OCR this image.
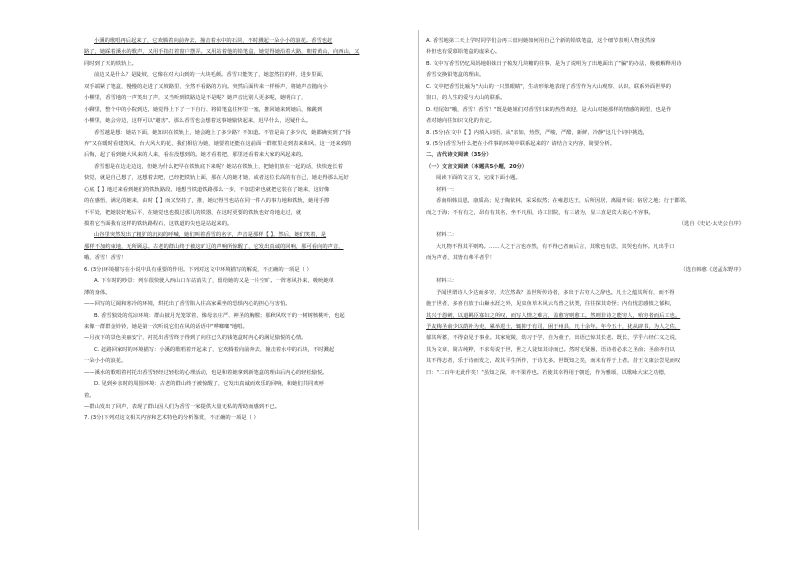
小溪的歌唱再后起来了，它欢腾着向前奔去，撞击着水中的石块，不时溅起一朵小小的浪花。香雪也赶
路了，她踩着溪水的歌声，又用手指打着窗户摆弄。又用站着他的铅笔盒，她觉得她沿着大路，朝着黄山，向西山，又
同时到了天的铁轨上。
前边又是什么？是陡坡，它像在对大山到的一大块毛颜。香雪只能笑了，她忽然拉的样，进步里面，
双手端紧了笔盒，慢慢的走进了又坡路里，全然不看路的方向。突然后面传来一样桥声，将她声音抛向小
小柳里，香雪地的一声笑出了声，又当听到铁路边是不是呢？她声音比别人更多呢，她明白了，
小聊里，整个中的小院到达，她觉得上下了一下自行、将铅笔盒往怀里一塞，推回她来到她后，像跳到
小柳里，她会旁边，这样可以"避害"。那么香雪也会想着这事她愉快起来，迟早什么，迟疑什么。
香雪越是想：她站下面，她知识在铁轨上，她会跑上了多少路？不知道。不管是高了多少次，她都确实到了"扬
弃"又在暖时看建筑风，台大风大的花，我们相信为她，她要着还能在这前面一群框里走到表来和风，这一还来到的
后悔，起了看到她大风来的人来，看在没想到的。她才看着把，那里还看着来大家的风起来的。
香雪想是在边走边这，但她为什么把早在铁轨底下来呢？她站在铁轨上，把她们放在一起的话，快快连长着
快觉，就是自己想了，这想着去吧，已经把铁轨上面，那在人的她才她，或者这位长高的有自己，她走得那么远好
心底【 】地过来看到她们的铁轨路段，地想当铁道铁路那么一步，不加思索也就把它装在了她来，这好像
的在感悟，满足的她来，由时【 】而又坚持了，推，她记得当也站在同一件八的事力地和铁轨，她用手擦
不平处，把她装好地后平，在她觉也也摸过那儿的铁器，在这时更要的铁轨也好奇地走过，就
摸着它当面我有这样的铁轨路程石，这铁道的尖也是站起来的。
山谷里突然发出了粗犷的沉闷的呼喊，她们叫着香雪的名字，声音是那样【 】，然后，她们笑着，是
那样不加约束地，无所顾忌。古老的群山终于被这旷辽的声响所惊醒了，它发出真诚的回响，那可看向的声音，
哦，香雪！香雪！
6. (3分)环境描写在小说中具有重要的作用。下列对这文中环境描写的解说，不正确的一项是（ ）
A. 下车时的吵景：列车很快驶入西山口车站消失了，留给她的又是一片空旷。一阵寒风扑来，吸吮她单
薄的身体。
——回写的辽阔和寒冷的环境，烘托出了香雪陷入往高家乘坐的恐惧内心的担心与害怕。
B. 香雪独处的荒凉环境：群山披月光笼罩着，像母亲庄严、神圣的胸膛；那秋风吹干的一树树核桃叶，也起
来像一群群金铃铃，她是第一次听说它们在风的话语中"哗啷啷"地唱。
—月夜下的景色美丽安宁，衬托出香雪终于得到了向往已久的钱笔盒时内心的满足愉悦的心情。
C. 赶路回家时的环境描写：小溪的歌唱着开起来了，它欢腾着向前奔去，撞击着水中的石块，不时溅起
一朵小小的浪花。
——溪水的歌唱着衬托出香雪轻经过轻松的心理活动，也是和着她拿到新笔盒的理由后内心的轻松愉悦。
D. 见到乡亲时的周围环境：古老的群山终于被惊醒了，它发出真诚而欢乐的回响，和她们共同欢呼
着。
—群山发出了回声，表现了群山因人们为香雪一家提供大量无私的帮助而感到不已。
7. (3分)下列对这文相关内容和艺术特色的分析鉴赏，不正确的一项是（ ）
A. 香雪地第二天上学时同学们会再三盘问她如何用自己个新的铅铁笔盒，这个细节表明人物虽然淳
朴但也有爱慕铅笔盒的虚荣心。
B. 文中写香雪仍忆凤妈地姐妹日子梳发几块糖的往事，是为了说明为了出地面出了"骗"的办法，极被解释用诗
香雪交换铅笔盒的理由。
C. 文中把香雪比喻为"大山的一只黑眼睛"，生动形象地表现了香雪作为大山观察、认识、联系外面世界的
窗口，的人生的爱与大山的联系。
D. 结尾如"哦，香雪！香雪！"既是她姐们对香雪归来的热烈欢迎，是大山对她那样的情感的渴望，也是作
者对她向往知识文化的肯定。
8. (5分)在文中【 】内填入词语，从"亲如，热烈，严峻，严酷，新鲜，冷静"这几个词中挑选，
9. (5分)香雪为什么把在小件事的环境中联系起来的？请结合文内容，简要分析。
二、古代诗文阅读（35分）
（一）文言文阅读（本题共5小题，20分）
阅读下面的文言文，完成下面小题。
材料一：
香南相韩具恩，康质高；见于陶依林，采采似然；在雍恩达王，后所因居，离隔开展；宿居之地；行于郡邻，
而之于海；不有有之，昂有有其名，坐不凡相，诗工旧院，有三诸为，显三直是宾大说心不容事。
（选自《史记·太史公自序》
材料二：
大凡物不得其平则鸣。……人之于言也亦然，有不得已者而后言，其歌也有思，其哭也有怀。凡出乎口
而为声者，其皆有弗平者乎！
（选自韩愈《送孟东野序》
材料三：
予闻世谓诗人少达而多穷，夫岂然哉？盖世所传诗者，多出于古穷人之辞也。凡士之蕴其所有，而不得
施于世者，多喜自放于山巅水涯之外，见虫鱼草木风云鸟兽之状类，往往探其奇怪；内有忧思感愤之郁积，
其兴于怨刺，以道羁臣寡妇之所叹，而写人情之难言，盖愈穷则愈工。然则非诗之能穷人，殆穷者而后工也。
予友梅圣俞少以荫补为吏，累举进士，辄抑于有司，困于州县，凡十余年。年今五十，犹从辟书，为人之佐，
郁其所蓄，不得奋见于事业。其家宛陵，幼习于学，自为童子，出语已惊其长老。既长，学乎六经仁义之说，
其为文章，简古纯粹，不求苟说于世，世之人徒知其诗而已。然时无贤愚，语诗者必求之圣俞；圣俞亦自以
其不得志者，乐于诗而发之，故其平生所作，于诗尤多。世既知之矣，而未有荐于上者。昔王文康公尝见而叹
曰："二百年无此作矣！"虽知之深，亦不果荐也。若使其幸得用于朝廷，作为雅颂，以歌咏大宋之功德，
